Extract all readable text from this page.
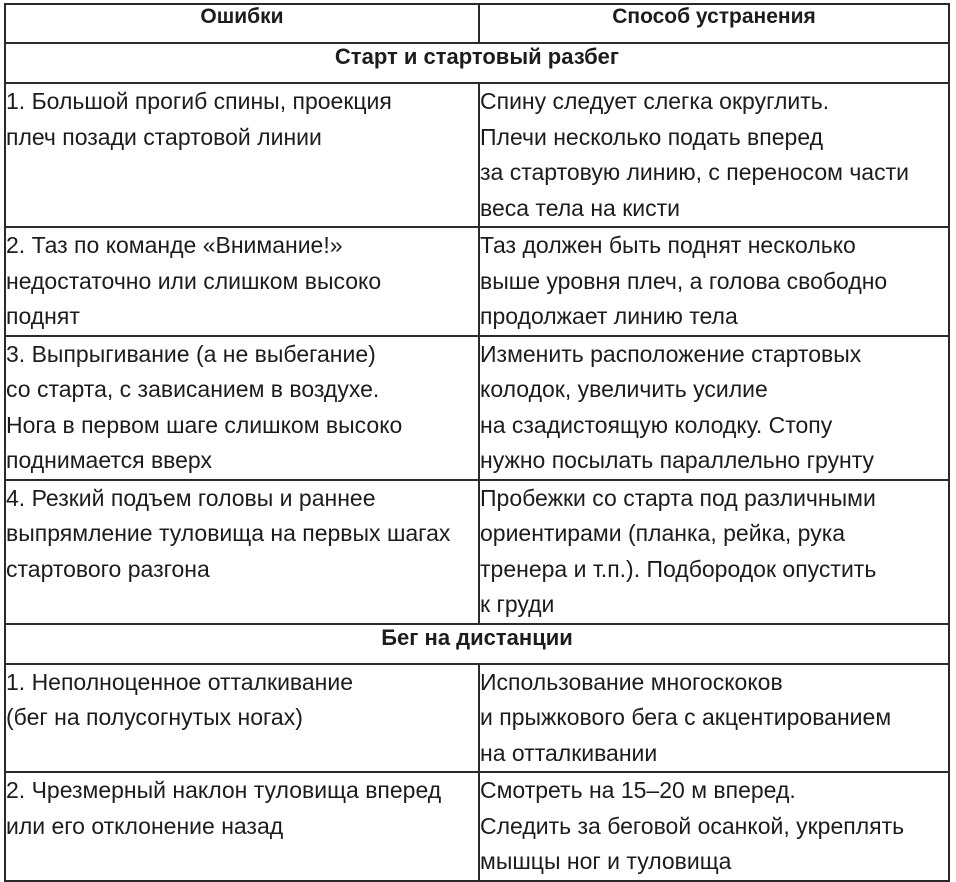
Ошибки	Способ устранения
Старт и стартовый разбег	

1. Большой прогиб спины, проекция
плеч позади стартовой линии	Спину следует слегка округлить.
Плечи несколько подать вперед
за стартовую линию, с переносом части
веса тела на кисти

2. Таз по команде «Внимание!»
недостаточно или слишком высоко
поднят	Таз должен быть поднят несколько
выше уровня плеч, а голова свободно
продолжает линию тела

3. Выпрыгивание (а не выбегание)
со старта, с зависанием в воздухе.
Нога в первом шаге слишком высоко
поднимается вверх	Изменить расположение стартовых
колодок, увеличить усилие
на сзадистоящую колодку. Стопу
нужно посылать параллельно грунту

4. Резкий подъем головы и раннее
выпрямление туловища на первых шагах
стартового разгона	Пробежки со старта под различными
ориентирами (планка, рейка, рука
тренера и т.п.). Подбородок опустить
к груди

Бег на дистанции	

1. Неполноценное отталкивание
(бег на полусогнутых ногах)	Использование многоскоков
и прыжкового бега с акцентированием
на отталкивании

2. Чрезмерный наклон туловища вперед
или его отклонение назад	Смотреть на 15–20 м вперед.
Следить за беговой осанкой, укреплять
мышцы ног и туловища
